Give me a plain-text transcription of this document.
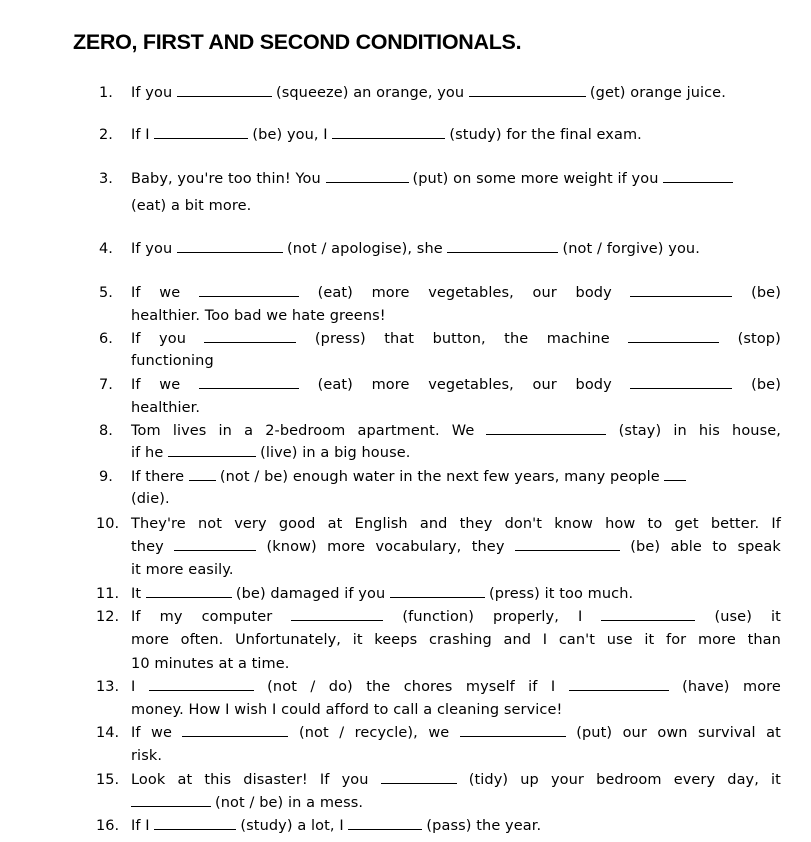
ZERO, FIRST AND SECOND CONDITIONALS.
1. If you	(squeeze) an orange, you	(get) orange juice.
2. If I	(be) you, I	(study) for the final exam.
3. Baby, you're too thin! You	(put) on some more weight if you
(eat) a bit more.
4. If you	(not / apologise), she	(not / forgive) you.
5. If we	(eat) more vegetables, our body	(be)
healthier. Too bad we hate greens!
6. If you	(press) that button, the machine	(stop)
functioning
7. If we	(eat) more vegetables, our body	(be)
healthier.
8. Tom lives in a 2-bedroom apartment. We	(stay) in his house,
if he	(live) in a big house.
9. If there (not / be) enough water in the next few years, many people
(die).
10. They're not very good at English and they don't know how to get better. If
they	(know) more vocabulary, they	(be) able to speak
it more easily.
11. It	(be) damaged if you	(press) it too much.
12. If my computer	(function) properly, I	(use) it
more often. Unfortunately, it keeps crashing and I can't use it for more than
10 minutes at a time.
13. I	(not / do) the chores myself if I	(have) more
money. How I wish I could afford to call a cleaning service!
14. If we	(not / recycle), we	(put) our own survival at
risk.
15. Look at this disaster! If you	(tidy) up your bedroom every day, it
(not / be) in a mess.
16. If I	(study) a lot, I	(pass) the year.
